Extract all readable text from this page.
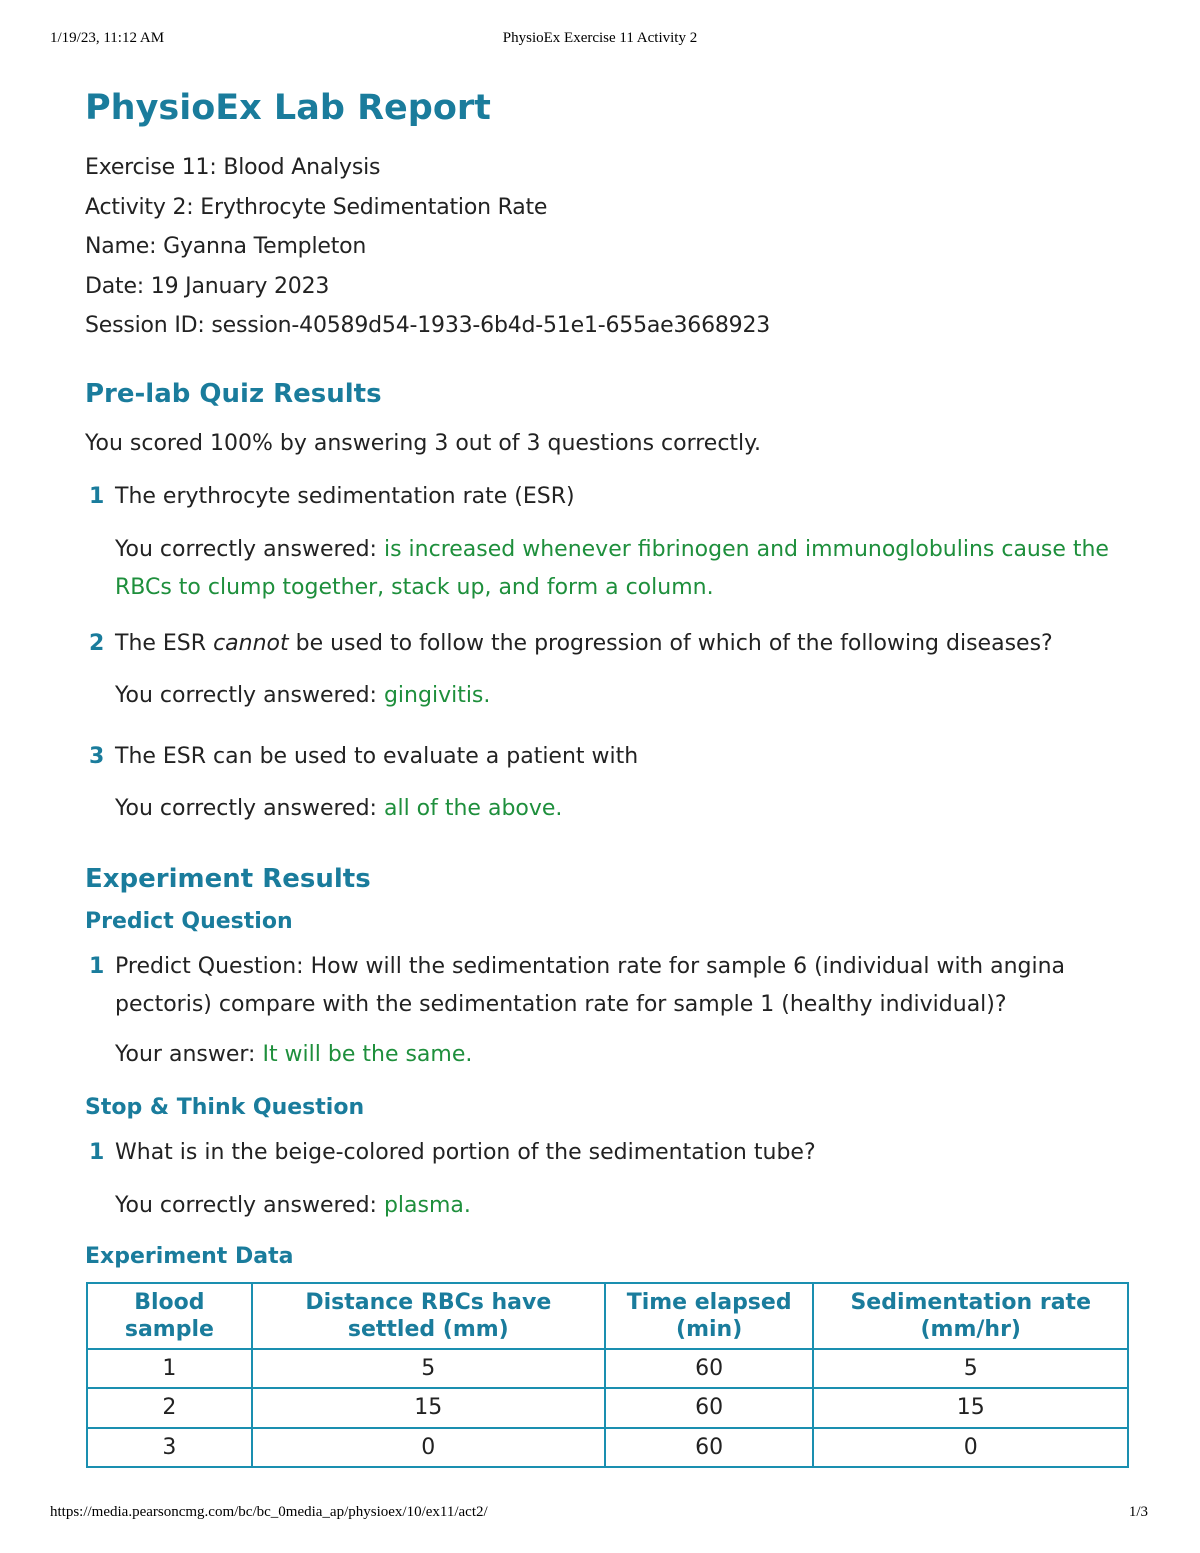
1/19/23, 11:12 AM	PhysioEx Exercise 11 Activity 2
PhysioEx Lab Report
Exercise 11: Blood Analysis
Activity 2: Erythrocyte Sedimentation Rate
Name: Gyanna Templeton
Date: 19 January 2023
Session ID: session-40589d54-1933-6b4d-51e1-655ae3668923
Pre-lab Quiz Results

You scored 100% by answering 3 out of 3 questions correctly.

1 The erythrocyte sedimentation rate (ESR)
You correctly answered: is increased whenever fibrinogen and immunoglobulins cause the RBCs to clump together, stack up, and form a column.
2 The ESR cannot be used to follow the progression of which of the following diseases?
You correctly answered: gingivitis.
3 The ESR can be used to evaluate a patient with
You correctly answered: all of the above.
Experiment Results
Predict Question
1 Predict Question: How will the sedimentation rate for sample 6 (individual with angina pectoris) compare with the sedimentation rate for sample 1 (healthy individual)?
Your answer: It will be the same.
Stop & Think Question
1 What is in the beige-colored portion of the sedimentation tube?
You correctly answered: plasma.
Experiment Data
Blood sample	Distance RBCs have settled (mm)	Time elapsed (min)	Sedimentation rate (mm/hr)
1	5	60	5
2	15	60	15
3	0	60	0
https://media.pearsoncmg.com/bc/bc_0media_ap/physioex/10/ex11/act2/	1/3
